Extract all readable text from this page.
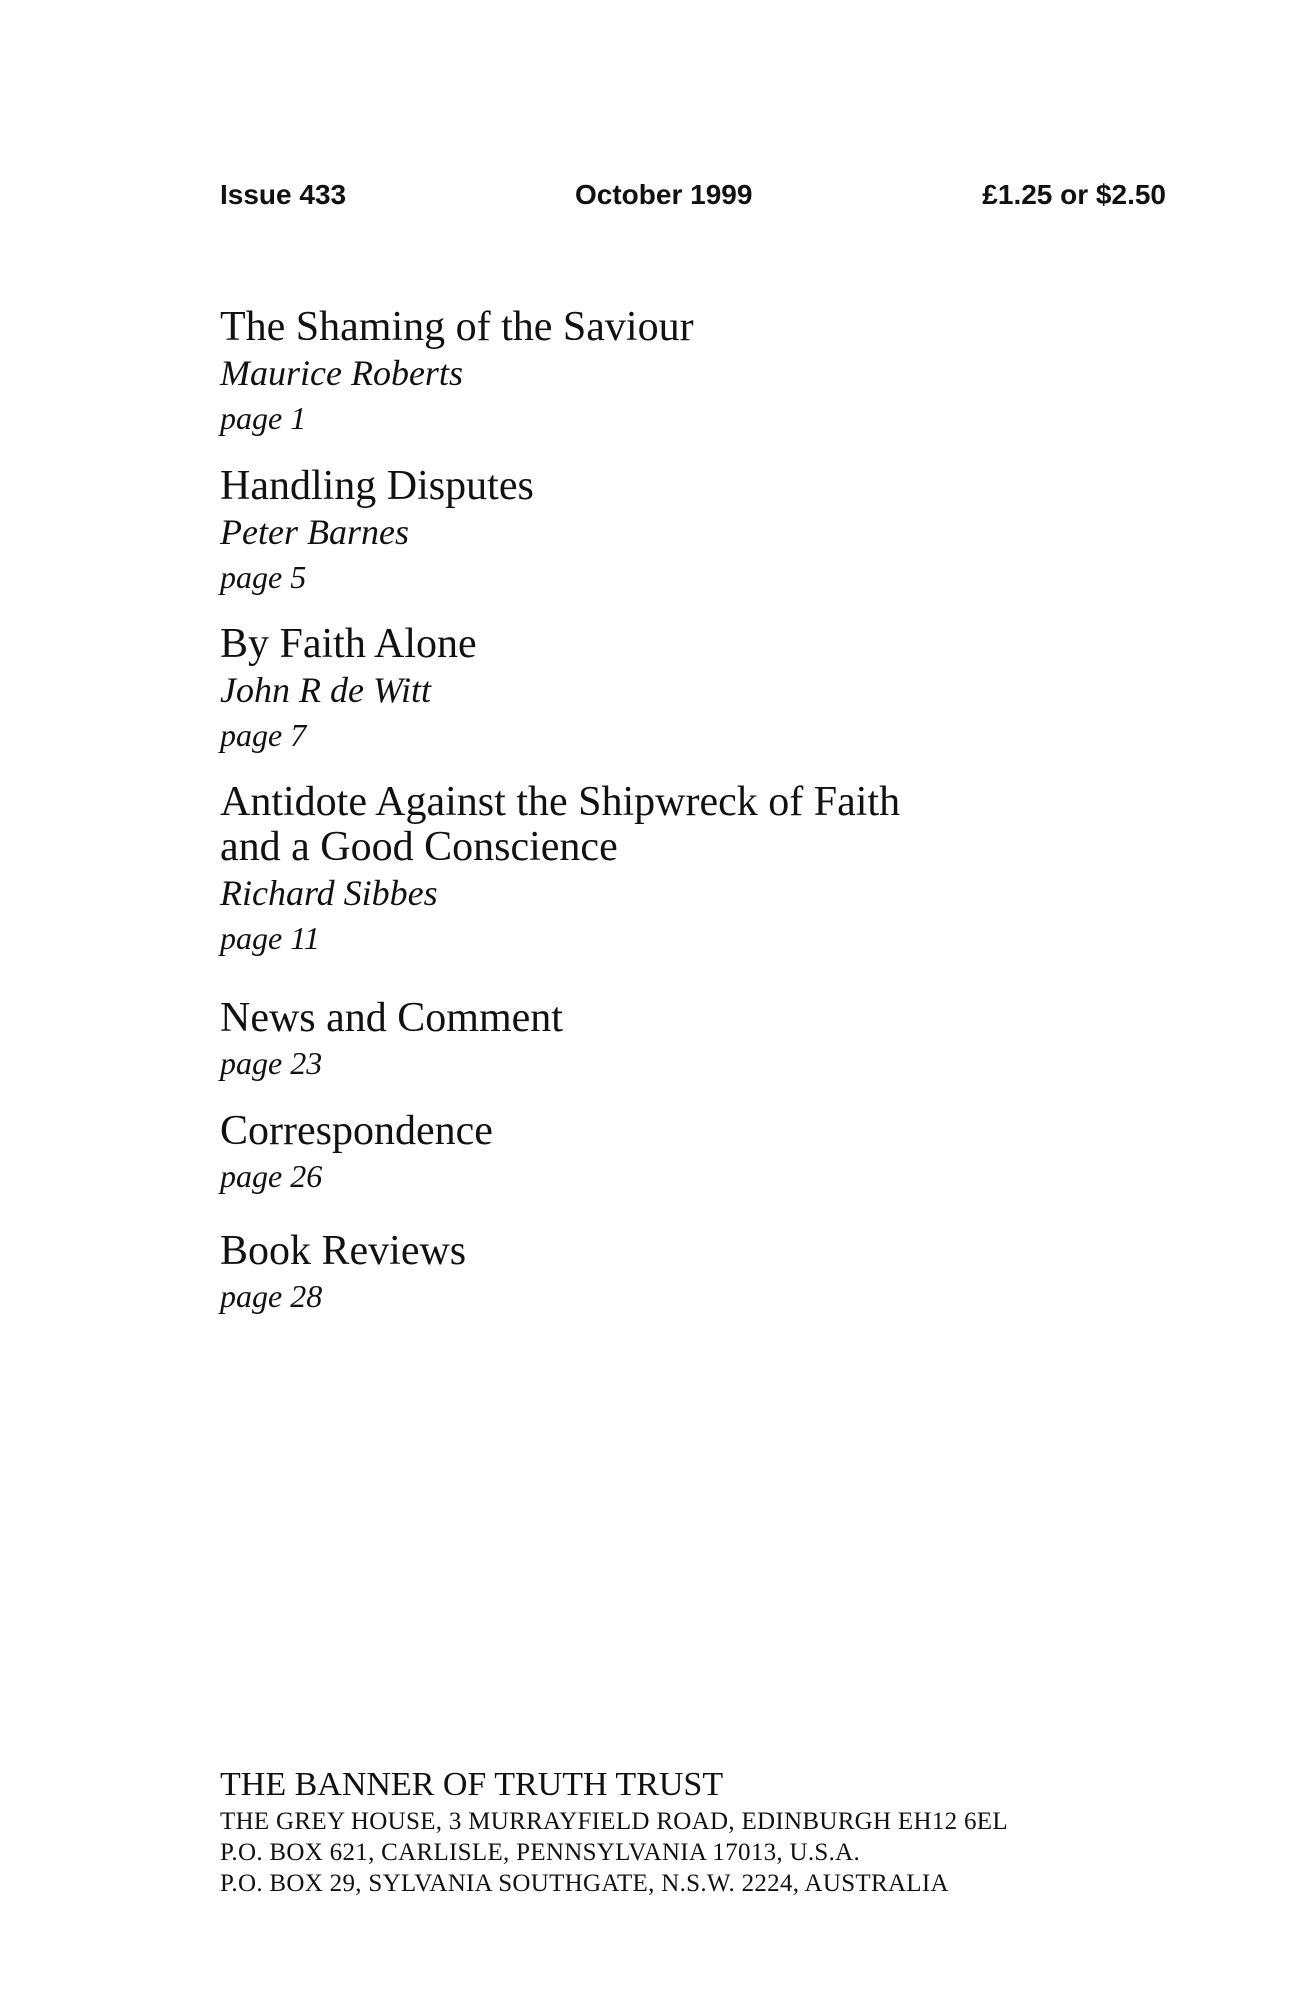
Issue 433	October 1999	£1.25 or $2.50
The Shaming of the Saviour
Maurice Roberts
page 1
Handling Disputes
Peter Barnes
page 5
By Faith Alone
John R de Witt
page 7
Antidote Against the Shipwreck of Faith
and a Good Conscience
Richard Sibbes
page 11
News and Comment
page 23
Correspondence
page 26
Book Reviews
page 28
THE BANNER OF TRUTH TRUST
THE GREY HOUSE, 3 MURRAYFIELD ROAD, EDINBURGH EH12 6EL
P.O. BOX 621, CARLISLE, PENNSYLVANIA 17013, U.S.A.
P.O. BOX 29, SYLVANIA SOUTHGATE, N.S.W. 2224, AUSTRALIA
